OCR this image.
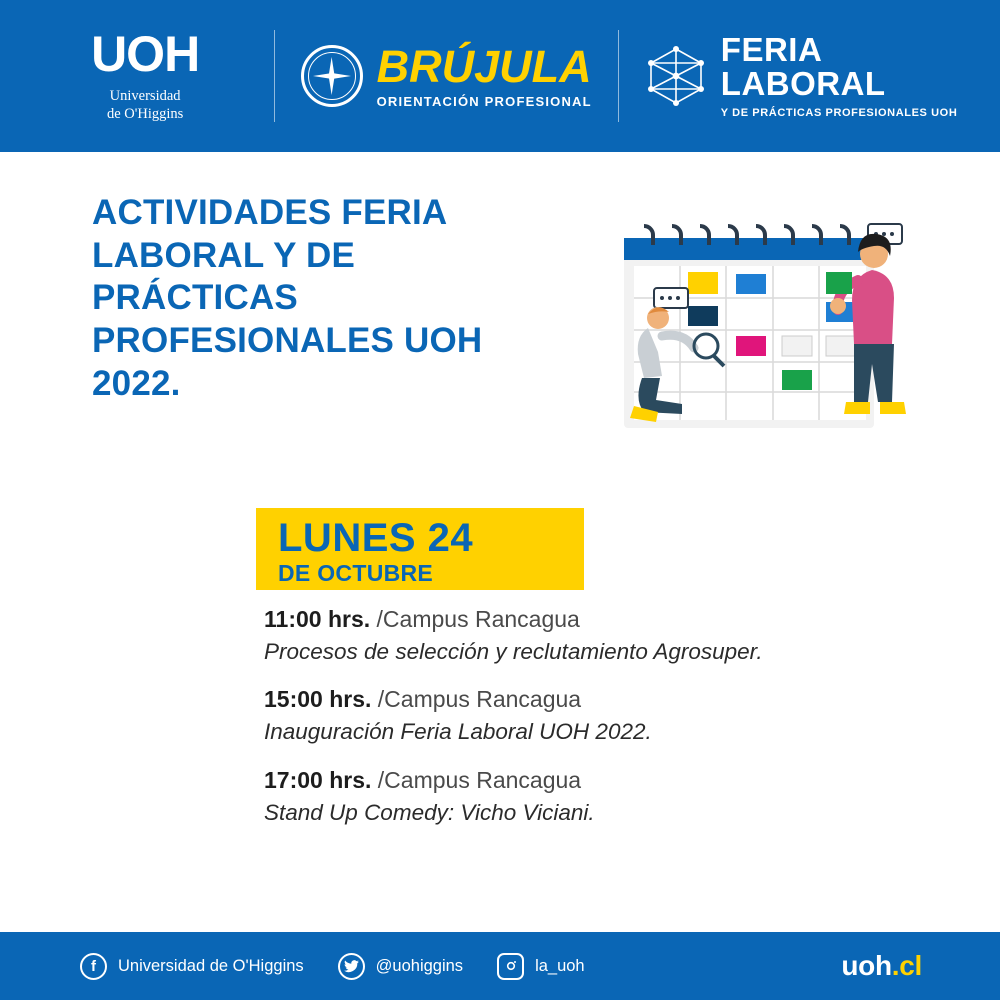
UOH
Universidad
de O'Higgins
BRÚJULA
ORIENTACIÓN PROFESIONAL
FERIA
LABORAL
Y DE PRÁCTICAS PROFESIONALES UOH
ACTIVIDADES FERIA LABORAL Y DE PRÁCTICAS PROFESIONALES UOH 2022.
LUNES 24
DE OCTUBRE
11:00 hrs. /Campus Rancagua
Procesos de selección y reclutamiento Agrosuper.
15:00 hrs. /Campus Rancagua
Inauguración Feria Laboral UOH 2022.
17:00 hrs. /Campus Rancagua
Stand Up Comedy: Vicho Viciani.
f	Universidad de O'Higgins	@uohiggins	la_uoh	uoh.cl
